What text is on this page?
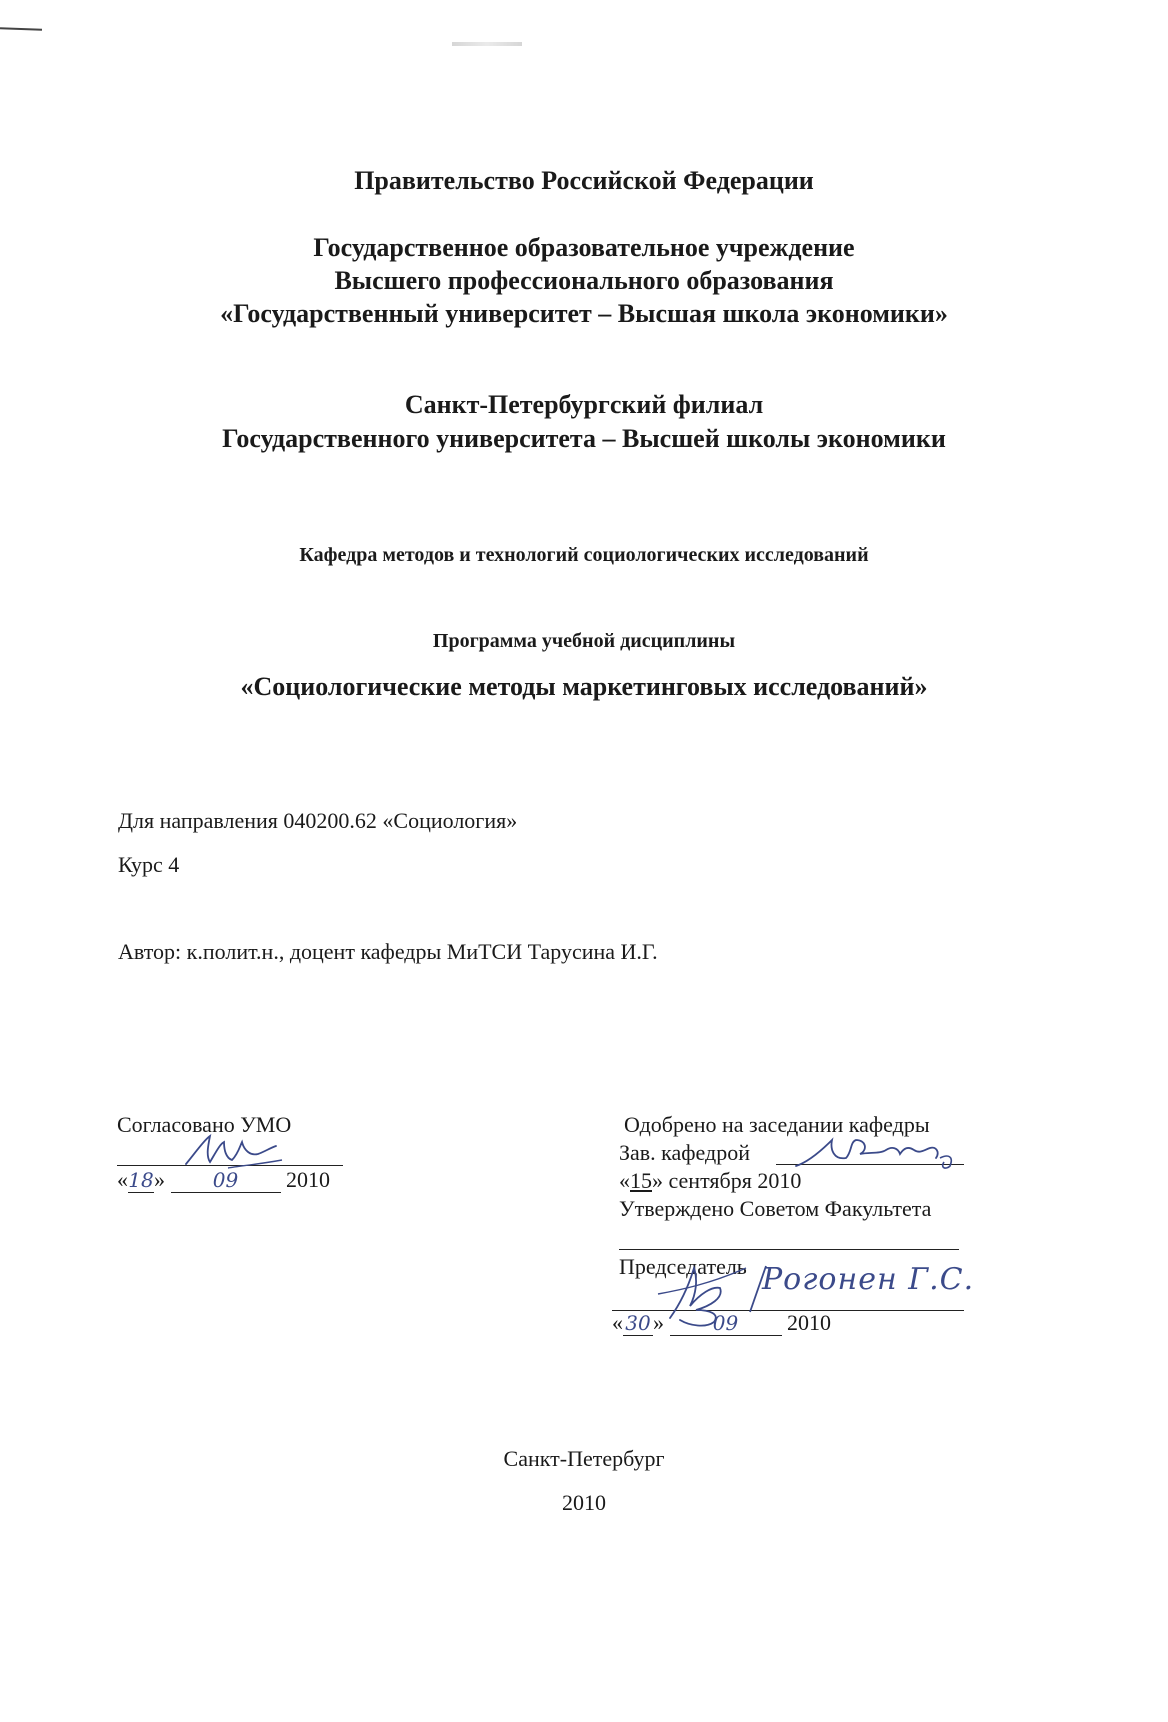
Правительство Российской Федерации
Государственное образовательное учреждение
Высшего профессионального образования
«Государственный университет – Высшая школа экономики»
Санкт-Петербургский филиал
Государственного университета – Высшей школы экономики
Кафедра методов и технологий социологических исследований
Программа учебной дисциплины
«Социологические методы маркетинговых исследований»
Для направления 040200.62 «Социология»
Курс 4
Автор: к.полит.н., доцент кафедры МиТСИ Тарусина И.Г.
Согласовано УМО
«18» 09 2010
Одобрено на заседании кафедры
Зав. кафедрой
«15» сентября 2010
Утверждено Советом Факультета
Председатель Рогонен Г.С.
« 30 » 09 2010
Санкт-Петербург
2010
